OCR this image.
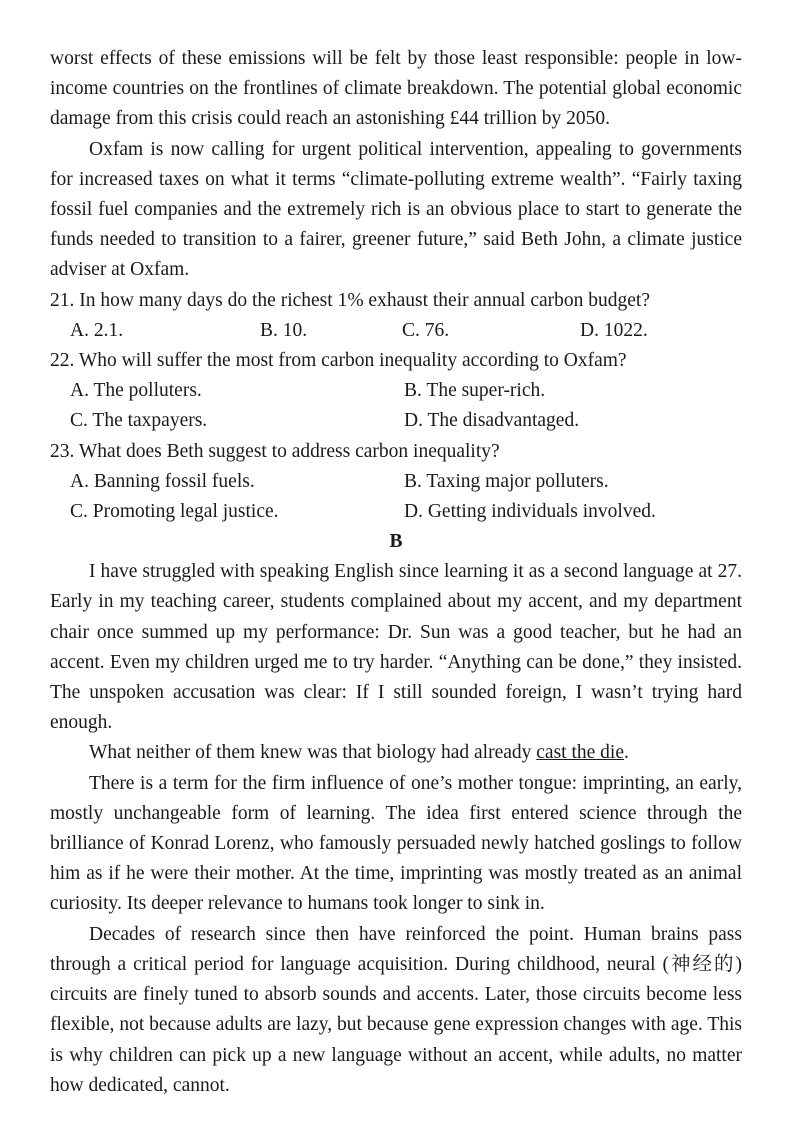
worst effects of these emissions will be felt by those least responsible: people in low-income countries on the frontlines of climate breakdown. The potential global economic damage from this crisis could reach an astonishing £44 trillion by 2050.

Oxfam is now calling for urgent political intervention, appealing to governments for increased taxes on what it terms “climate-polluting extreme wealth”. “Fairly taxing fossil fuel companies and the extremely rich is an obvious place to start to generate the funds needed to transition to a fairer, greener future,” said Beth John, a climate justice adviser at Oxfam.

21. In how many days do the richest 1% exhaust their annual carbon budget?

A. 2.1.	B. 10.	C. 76.	D. 1022.

22. Who will suffer the most from carbon inequality according to Oxfam?

A. The polluters.	B. The super-rich.
C. The taxpayers.	D. The disadvantaged.

23. What does Beth suggest to address carbon inequality?

A. Banning fossil fuels.	B. Taxing major polluters.
C. Promoting legal justice.	D. Getting individuals involved.

B

I have struggled with speaking English since learning it as a second language at 27. Early in my teaching career, students complained about my accent, and my department chair once summed up my performance: Dr. Sun was a good teacher, but he had an accent. Even my children urged me to try harder. “Anything can be done,” they insisted. The unspoken accusation was clear: If I still sounded foreign, I wasn’t trying hard enough.

What neither of them knew was that biology had already cast the die.

There is a term for the firm influence of one’s mother tongue: imprinting, an early, mostly unchangeable form of learning. The idea first entered science through the brilliance of Konrad Lorenz, who famously persuaded newly hatched goslings to follow him as if he were their mother. At the time, imprinting was mostly treated as an animal curiosity. Its deeper relevance to humans took longer to sink in.

Decades of research since then have reinforced the point. Human brains pass through a critical period for language acquisition. During childhood, neural (神经的) circuits are finely tuned to absorb sounds and accents. Later, those circuits become less flexible, not because adults are lazy, but because gene expression changes with age. This is why children can pick up a new language without an accent, while adults, no matter how dedicated, cannot.
